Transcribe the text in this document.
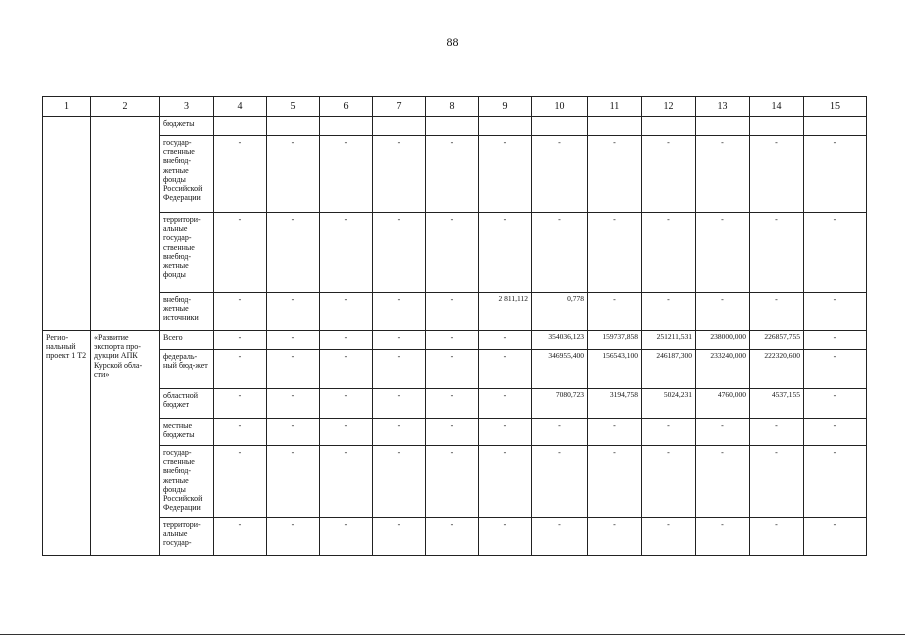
88
1	2	3	4	5	6	7	8	9	10	11	12	13	14	15
		бюджеты												
		государ-ственные внебюд-жетные фонды Российской Федерации	-	-	-	-	-	-	-	-	-	-	-	-
		территори-альные государ-ственные внебюд-жетные фонды	-	-	-	-	-	-	-	-	-	-	-	-
		внебюд-жетные источники	-	-	-	-	-	2 811,112	0,778	-	-	-	-	-
Регио-нальный проект 1 Т2	«Развитие экспорта про-дукции АПК Курской обла-сти»	Всего	-	-	-	-	-	-	354036,123	159737,858	251211,531	238000,000	226857,755	-
		федераль-ный бюд-жет	-	-	-	-	-	-	346955,400	156543,100	246187,300	233240,000	222320,600	-
		областной бюджет	-	-	-	-	-	-	7080,723	3194,758	5024,231	4760,000	4537,155	-
		местные бюджеты	-	-	-	-	-	-	-	-	-	-	-	-
		государ-ственные внебюд-жетные фонды Российской Федерации	-	-	-	-	-	-	-	-	-	-	-	-
		территори-альные государ-	-	-	-	-	-	-	-	-	-	-	-	-
